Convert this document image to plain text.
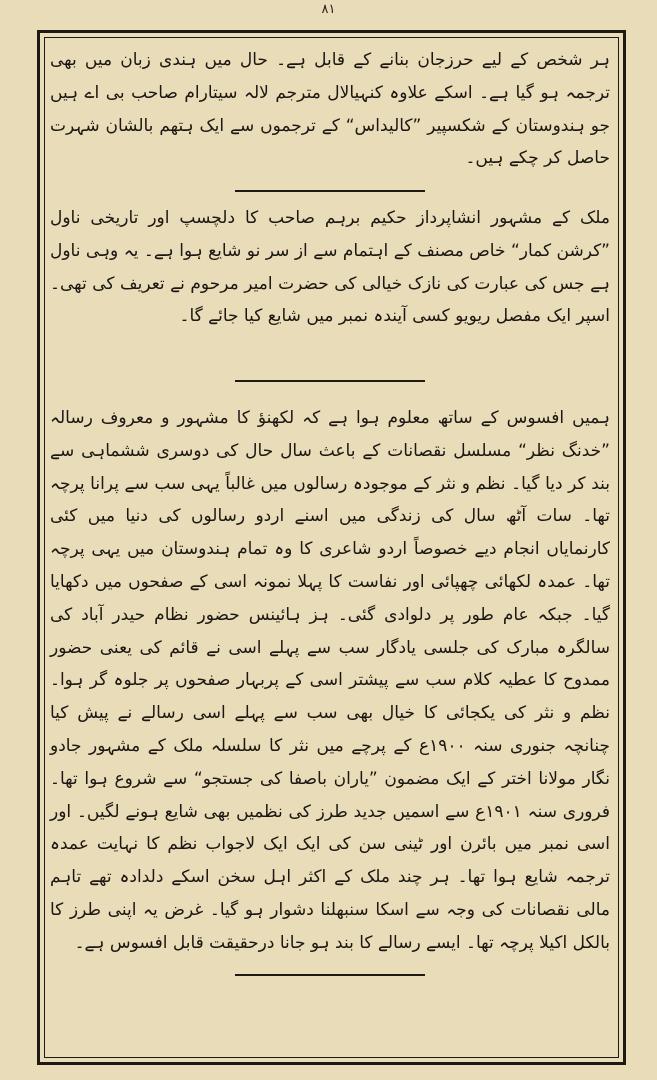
٨١

ہر شخص کے لیے حرزجان بنانے کے قابل ہے۔ حال میں ہندی زبان میں بھی ترجمہ ہو گیا ہے۔ اسکے علاوہ کنہیالال مترجم لالہ سیتارام صاحب بی اے ہیں جو ہندوستان کے شکسپیر ”کالیداس“ کے ترجموں سے ایک ہتھم بالشان شہرت حاصل کر چکے ہیں۔

ملک کے مشہور انشاپرداز حکیم برہم صاحب کا دلچسپ اور تاریخی ناول ”کرشن کمار“ خاص مصنف کے اہتمام سے از سر نو شایع ہوا ہے۔ یہ وہی ناول ہے جس کی عبارت کی نازک خیالی کی حضرت امیر مرحوم نے تعریف کی تھی۔ اسپر ایک مفصل ریویو کسی آیندہ نمبر میں شایع کیا جائے گا۔

ہمیں افسوس کے ساتھ معلوم ہوا ہے کہ لکھنؤ کا مشہور و معروف رسالہ ”خدنگ نظر“ مسلسل نقصانات کے باعث سال حال کی دوسری ششماہی سے بند کر دیا گیا۔ نظم و نثر کے موجودہ رسالوں میں غالباً یہی سب سے پرانا پرچہ تھا۔ سات آٹھ سال کی زندگی میں اسنے اردو رسالوں کی دنیا میں کئی کارنمایاں انجام دیے خصوصاً اردو شاعری کا وہ تمام ہندوستان میں یہی پرچہ تھا۔ عمدہ لکھائی چھپائی اور نفاست کا پہلا نمونہ اسی کے صفحوں میں دکھایا گیا۔ جبکہ عام طور پر دلوادی گئی۔ ہز ہائینس حضور نظام حیدر آباد کی سالگرہ مبارک کی جلسی یادگار سب سے پہلے اسی نے قائم کی یعنی حضور ممدوح کا عطیہ کلام سب سے پیشتر اسی کے پربہار صفحوں پر جلوہ گر ہوا۔ نظم و نثر کی یکجائی کا خیال بھی سب سے پہلے اسی رسالے نے پیش کیا چنانچہ جنوری سنہ ۱۹۰۰ع کے پرچے میں نثر کا سلسلہ ملک کے مشہور جادو نگار مولانا اختر کے ایک مضمون ”یاران باصفا کی جستجو“ سے شروع ہوا تھا۔ فروری سنہ ۱۹۰۱ع سے اسمیں جدید طرز کی نظمیں بھی شایع ہونے لگیں۔ اور اسی نمبر میں بائرن اور ٹینی سن کی ایک ایک لاجواب نظم کا نہایت عمدہ ترجمہ شایع ہوا تھا۔ ہر چند ملک کے اکثر اہل سخن اسکے دلدادہ تھے تاہم مالی نقصانات کی وجہ سے اسکا سنبھلنا دشوار ہو گیا۔ غرض یہ اپنی طرز کا بالکل اکیلا پرچہ تھا۔ ایسے رسالے کا بند ہو جانا درحقیقت قابل افسوس ہے۔
